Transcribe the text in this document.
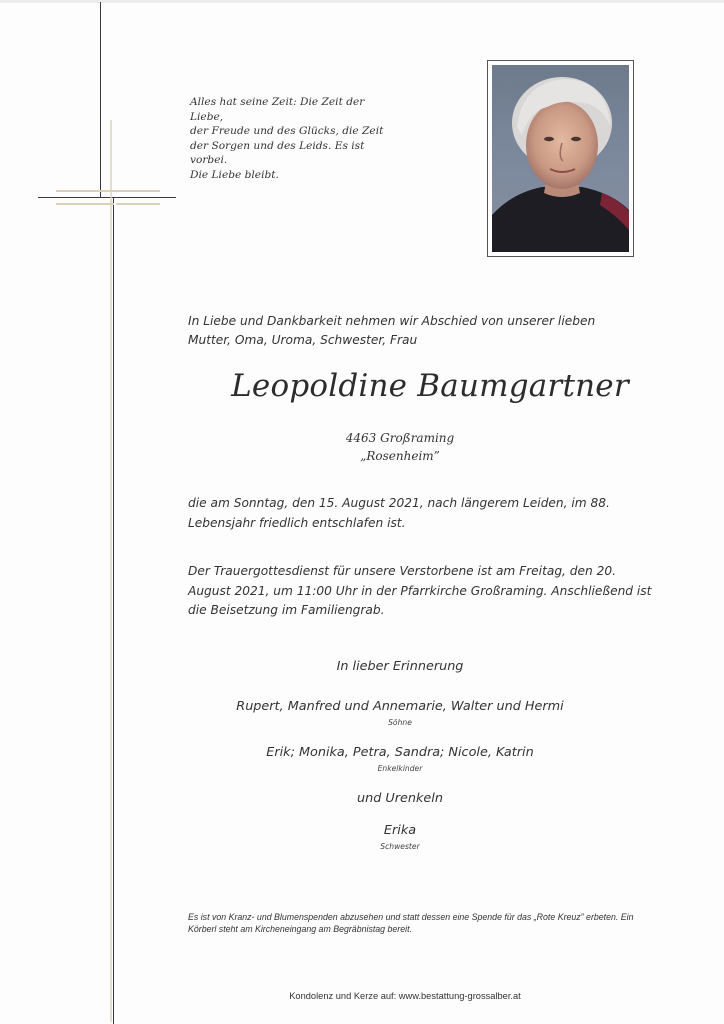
Alles hat seine Zeit: Die Zeit der Liebe,
der Freude und des Glücks, die Zeit
der Sorgen und des Leids. Es ist vorbei.
Die Liebe bleibt.
In Liebe und Dankbarkeit nehmen wir Abschied von unserer lieben Mutter, Oma, Uroma, Schwester, Frau
Leopoldine Baumgartner
4463 Großraming
„Rosenheim”
die am Sonntag, den 15. August 2021, nach längerem Leiden, im 88. Lebensjahr friedlich entschlafen ist.
Der Trauergottesdienst für unsere Verstorbene ist am Freitag, den 20. August 2021, um 11:00 Uhr in der Pfarrkirche Großraming. Anschließend ist die Beisetzung im Familiengrab.
In lieber Erinnerung
Rupert, Manfred und Annemarie, Walter und Hermi
Söhne
Erik; Monika, Petra, Sandra; Nicole, Katrin
Enkelkinder
und Urenkeln
Erika
Schwester
Es ist von Kranz- und Blumenspenden abzusehen und statt dessen eine Spende für das „Rote Kreuz” erbeten. Ein Körberl steht am Kircheneingang am Begräbnistag bereit.
Kondolenz und Kerze auf: www.bestattung-grossalber.at
